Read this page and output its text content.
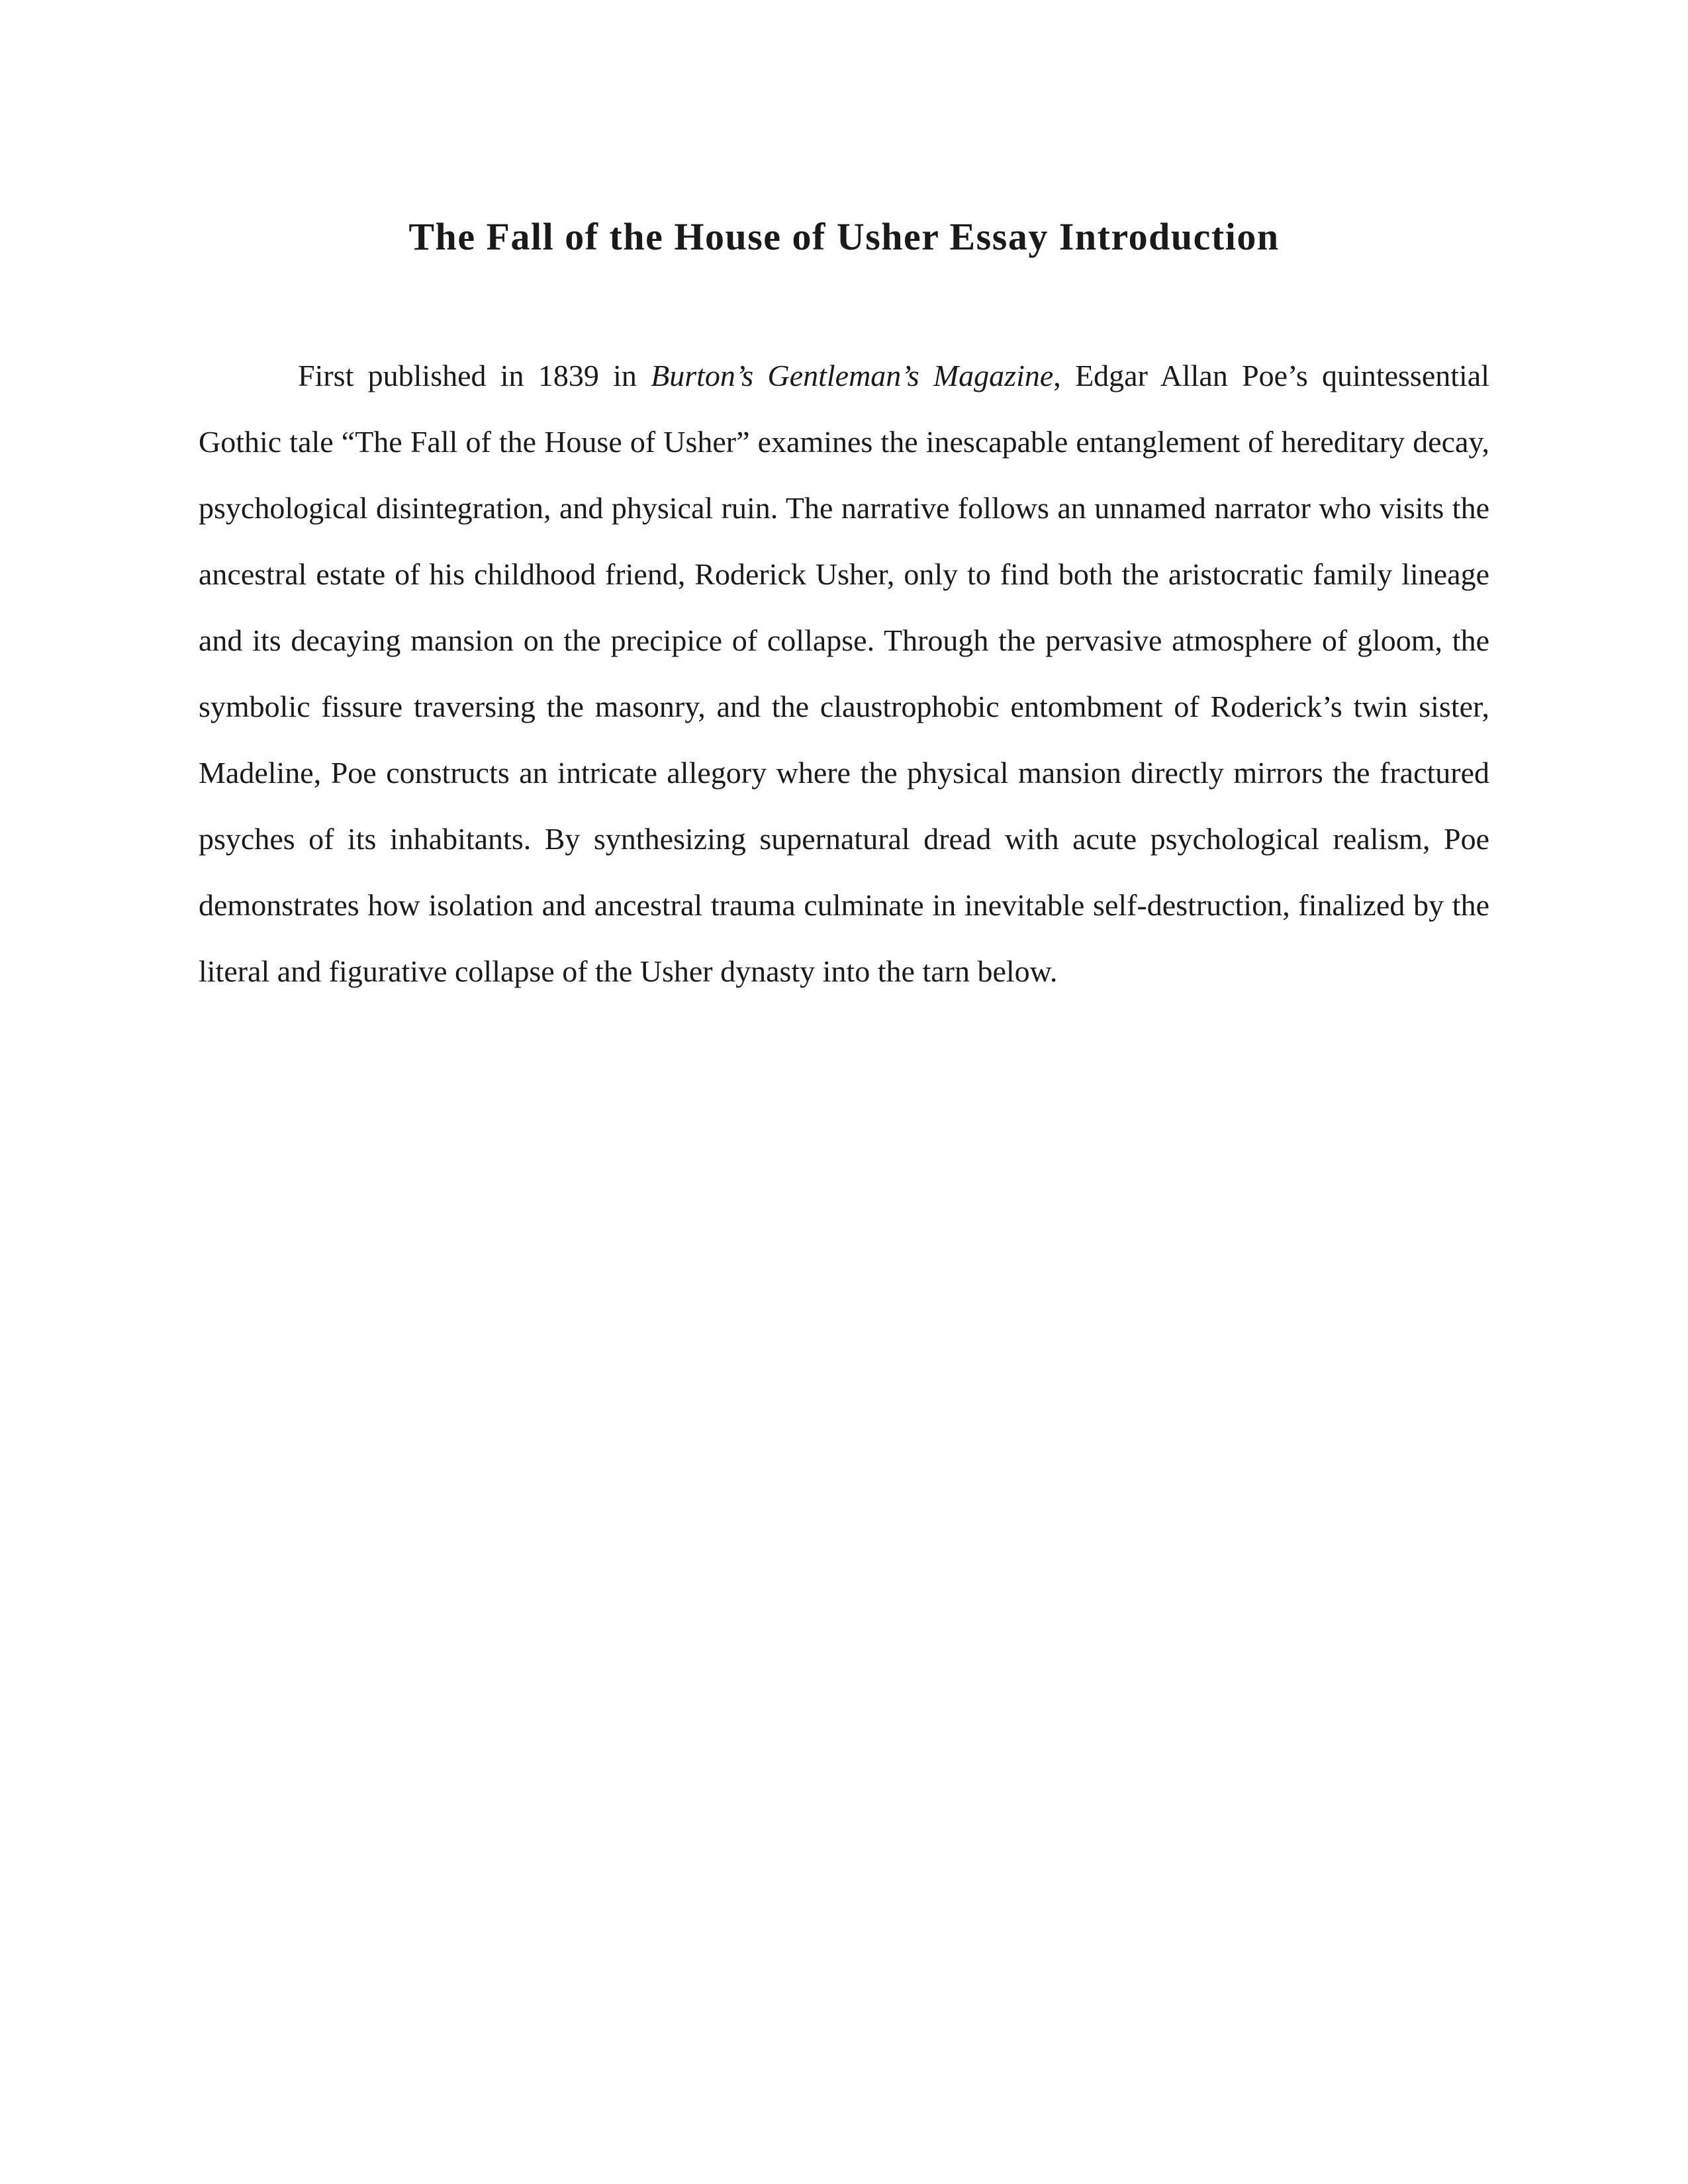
The Fall of the House of Usher Essay Introduction

First published in 1839 in Burton’s Gentleman’s Magazine, Edgar Allan Poe’s quintessential Gothic tale “The Fall of the House of Usher” examines the inescapable entanglement of hereditary decay, psychological disintegration, and physical ruin. The narrative follows an unnamed narrator who visits the ancestral estate of his childhood friend, Roderick Usher, only to find both the aristocratic family lineage and its decaying mansion on the precipice of collapse. Through the pervasive atmosphere of gloom, the symbolic fissure traversing the masonry, and the claustrophobic entombment of Roderick’s twin sister, Madeline, Poe constructs an intricate allegory where the physical mansion directly mirrors the fractured psyches of its inhabitants. By synthesizing supernatural dread with acute psychological realism, Poe demonstrates how isolation and ancestral trauma culminate in inevitable self-destruction, finalized by the literal and figurative collapse of the Usher dynasty into the tarn below.
